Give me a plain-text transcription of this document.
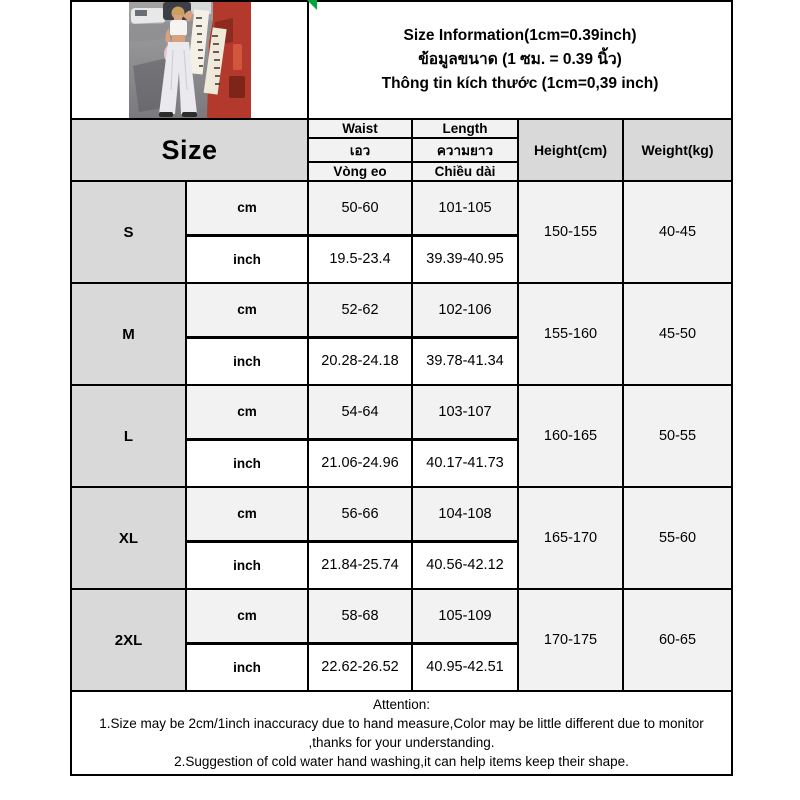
Size Information(1cm=0.39inch)
ข้อมูลขนาด (1 ซม. = 0.39 นิ้ว)
Thông tin kích thước (1cm=0,39 inch)			

Size		Waist	Length	Height(cm)	Weight(kg)
		เอว	ความยาว		
		Vòng eo	Chiều dài		
S	cm	50-60	101-105	150-155	40-45
	inch	19.5-23.4	39.39-40.95		
M	cm	52-62	102-106	155-160	45-50
	inch	20.28-24.18	39.78-41.34		
L	cm	54-64	103-107	160-165	50-55
	inch	21.06-24.96	40.17-41.73		
XL	cm	56-66	104-108	165-170	55-60
	inch	21.84-25.74	40.56-42.12		
2XL	cm	58-68	105-109	170-175	60-65
	inch	22.62-26.52	40.95-42.51		

Attention:
1.Size may be 2cm/1inch inaccuracy due to hand measure,Color may be little different due to monitor ,thanks for your understanding.
2.Suggestion of cold water hand washing,it can help items keep their shape.					
